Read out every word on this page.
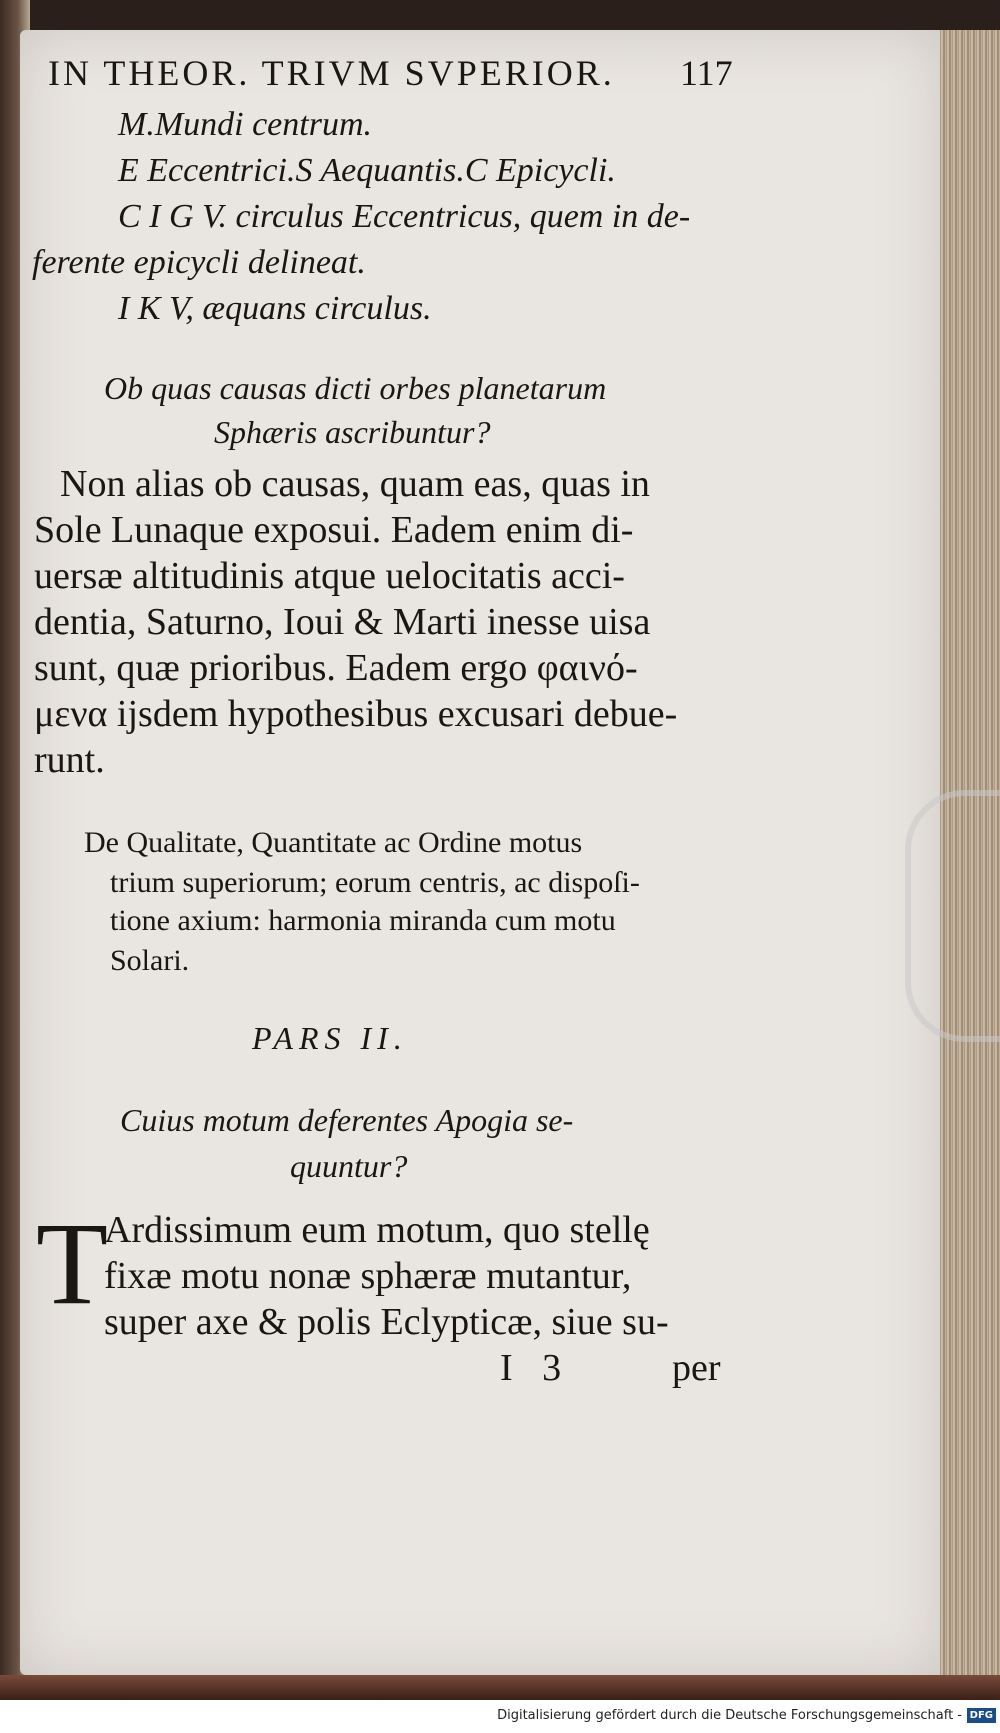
IN THEOR. TRIVM SVPERIOR. 117
M.Mundi centrum.
E Eccentrici.S Aequantis.C Epicycli.
C I G V. circulus Eccentricus, quem in de-
ferente epicycli delineat.
I K V, æquans circulus.
Ob quas causas dicti orbes planetarum
Sphæris ascribuntur?
Non alias ob causas, quam eas, quas in
Sole Lunaque exposui. Eadem enim di-
uersæ altitudinis atque uelocitatis acci-
dentia, Saturno, Ioui & Marti inesse uisa
sunt, quæ prioribus. Eadem ergo φαινό-
μενα ijsdem hypothesibus excusari debue-
runt.
De Qualitate, Quantitate ac Ordine motus
trium superiorum; eorum centris, ac dispoſi-
tione axium: harmonia miranda cum motu
Solari.
PARS II.
Cuius motum deferentes Apogia se-
quuntur?
T
Ardissimum eum motum, quo stellę
fixæ motu nonæ sphæræ mutantur,
super axe & polis Eclypticæ, siue su-
I 3	per
Digitalisierung gefördert durch die Deutsche Forschungsgemeinschaft - DFG
